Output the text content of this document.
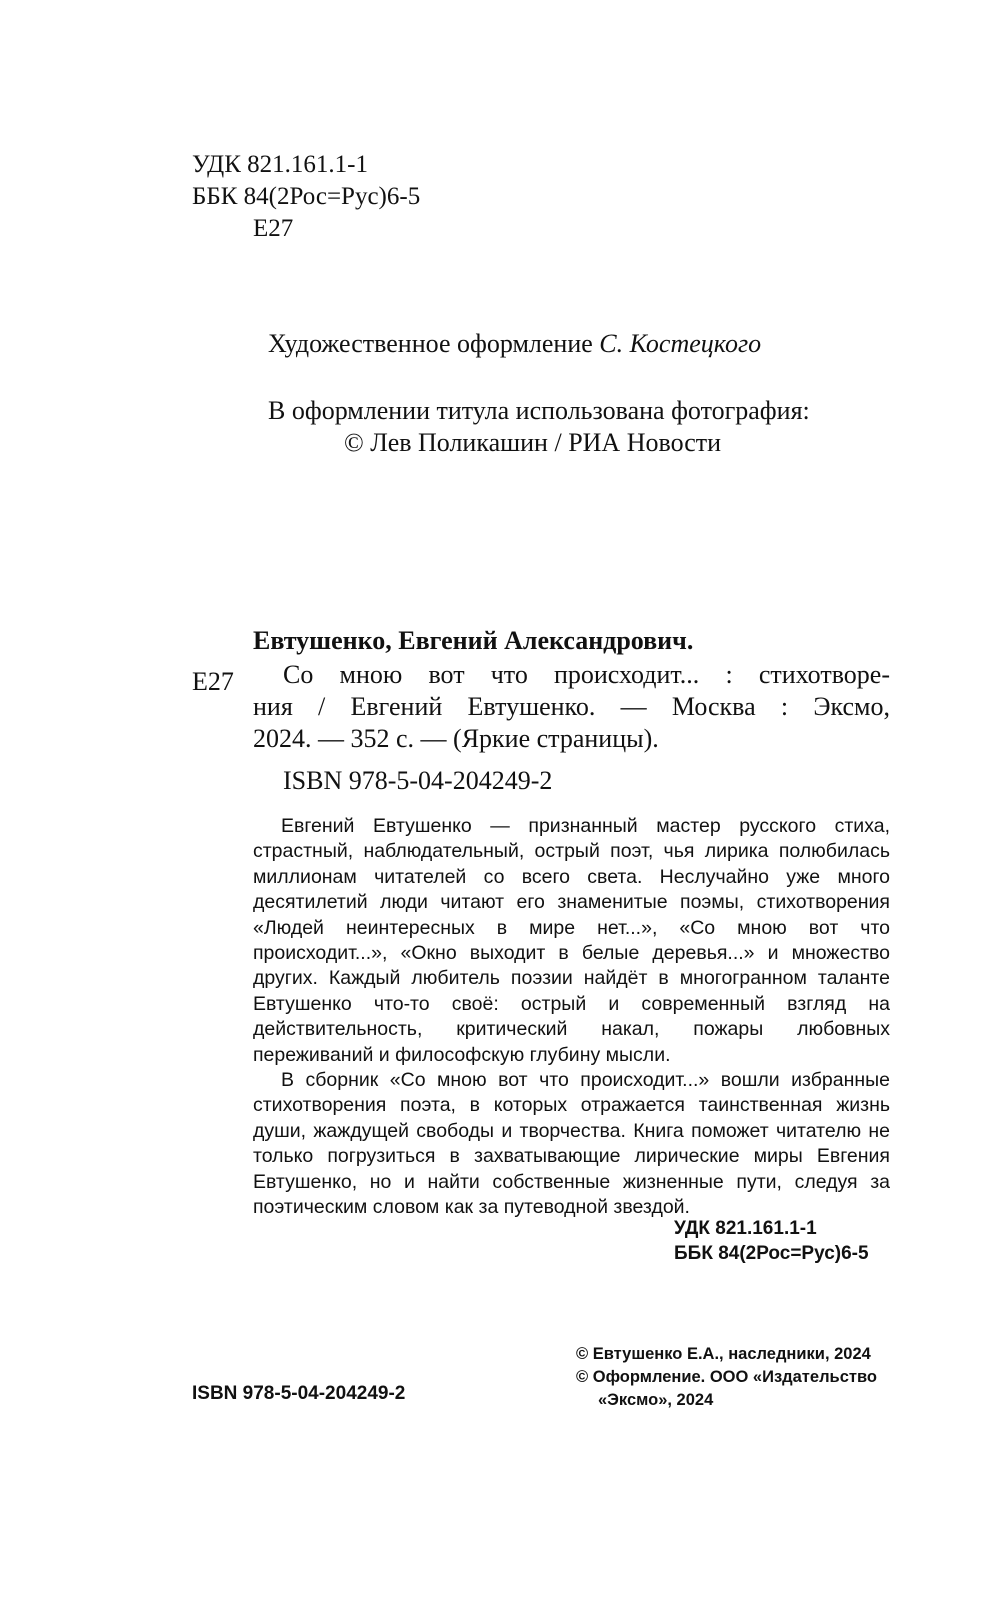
УДК 821.161.1-1
ББК 84(2Рос=Рус)6-5
Е27
Художественное оформление С. Костецкого
В оформлении титула использована фотография:
© Лев Поликашин / РИА Новости
Евтушенко, Евгений Александрович.
Е27	Со мною вот что происходит... : стихотворе-
ния / Евгений Евтушенко. — Москва : Эксмо,
2024. — 352 с. — (Яркие страницы).
ISBN 978-5-04-204249-2

Евгений Евтушенко — признанный мастер русского стиха, страстный, наблюдательный, острый поэт, чья лирика полюбилась миллионам читателей со всего света. Неслучайно уже много десятилетий люди читают его знаменитые поэмы, стихотворения «Людей неинтересных в мире нет...», «Со мною вот что происходит...», «Окно выходит в белые деревья...» и множество других. Каждый любитель поэзии найдёт в многогранном таланте Евтушенко что-то своё: острый и современный взгляд на действительность, критический накал, пожары любовных переживаний и философскую глубину мысли.

В сборник «Со мною вот что происходит...» вошли избранные стихотворения поэта, в которых отражается таинственная жизнь души, жаждущей свободы и творчества. Книга поможет читателю не только погрузиться в захватывающие лирические миры Евгения Евтушенко, но и найти собственные жизненные пути, следуя за поэтическим словом как за путеводной звездой.

УДК 821.161.1-1
ББК 84(2Рос=Рус)6-5
ISBN 978-5-04-204249-2
© Евтушенко Е.А., наследники, 2024
© Оформление. ООО «Издательство
«Эксмо», 2024
